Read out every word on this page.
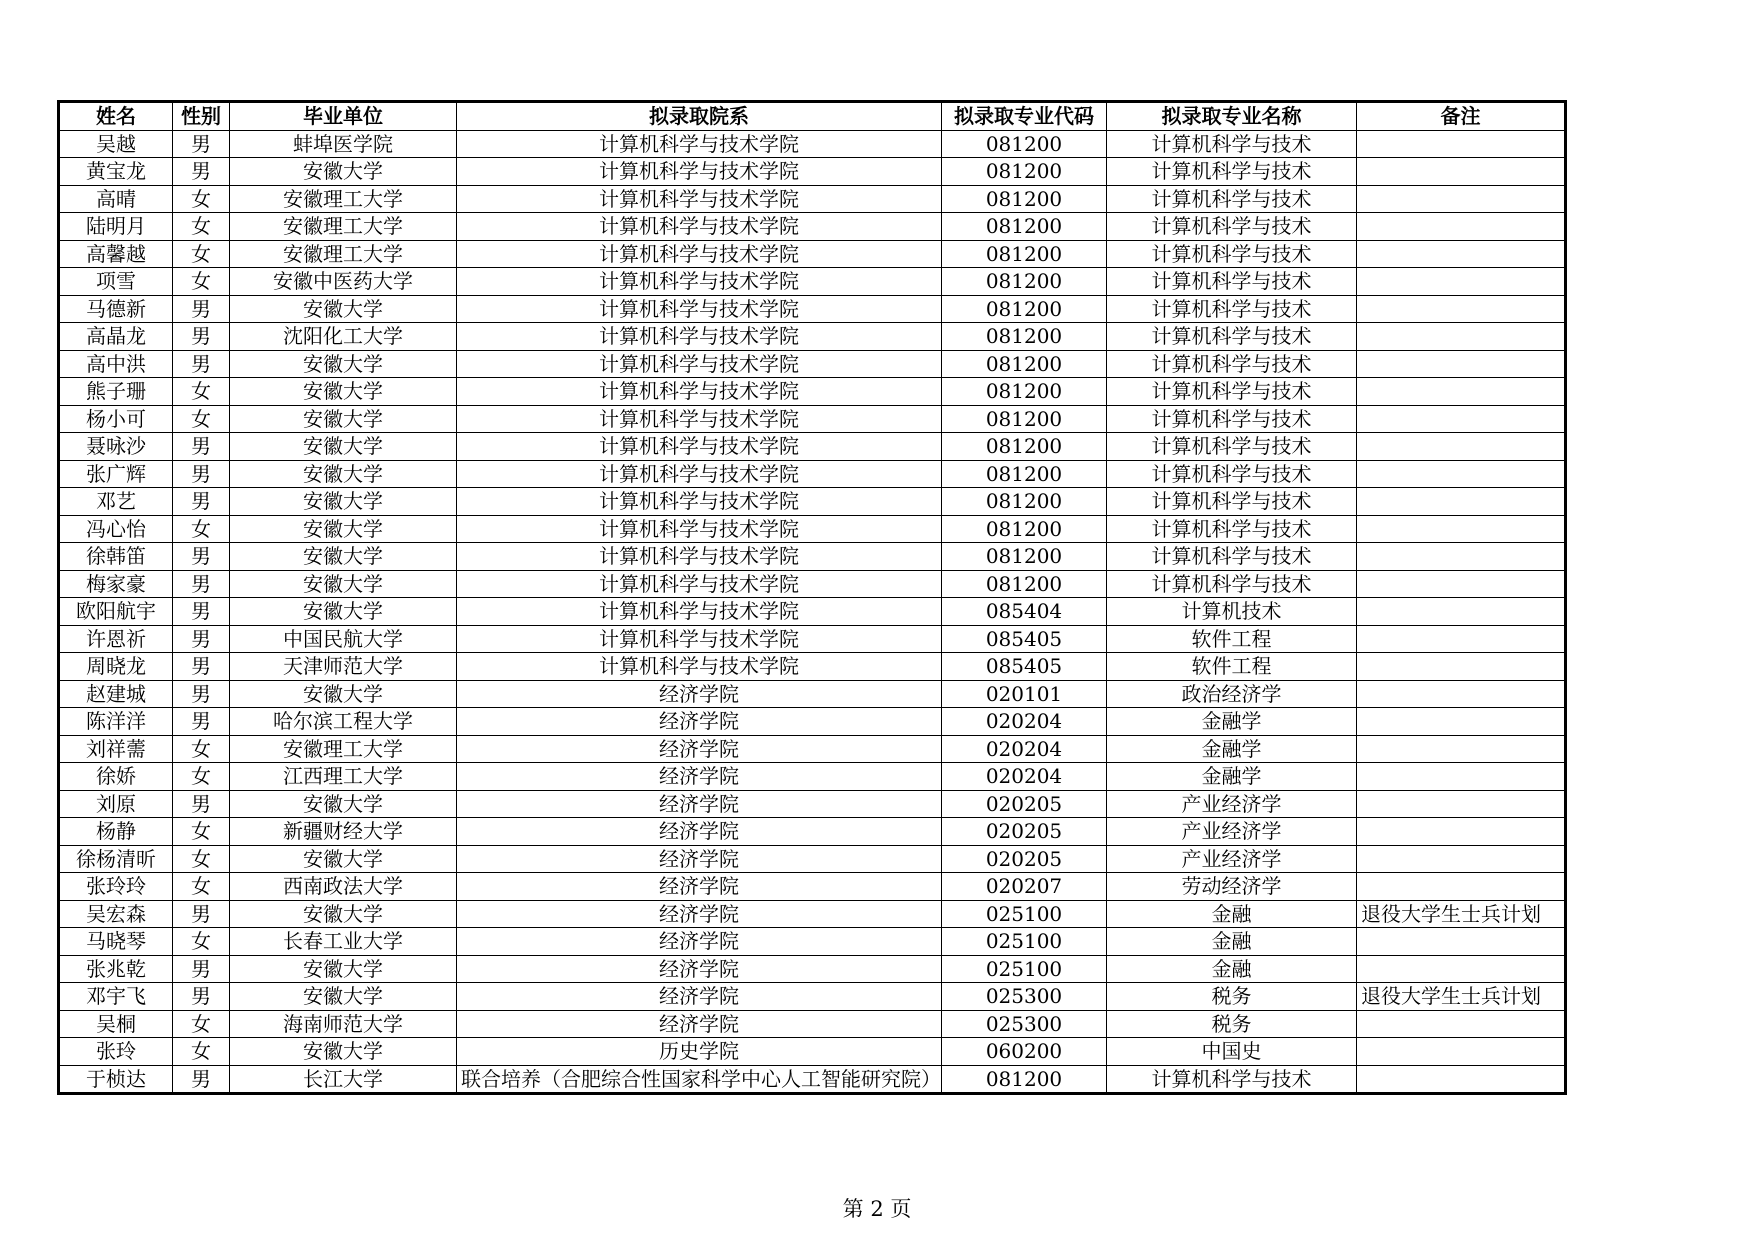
姓名	性别	毕业单位	拟录取院系	拟录取专业代码	拟录取专业名称	备注
吴越	男	蚌埠医学院	计算机科学与技术学院	081200	计算机科学与技术	
黄宝龙	男	安徽大学	计算机科学与技术学院	081200	计算机科学与技术	
高晴	女	安徽理工大学	计算机科学与技术学院	081200	计算机科学与技术	
陆明月	女	安徽理工大学	计算机科学与技术学院	081200	计算机科学与技术	
高馨越	女	安徽理工大学	计算机科学与技术学院	081200	计算机科学与技术	
项雪	女	安徽中医药大学	计算机科学与技术学院	081200	计算机科学与技术	
马德新	男	安徽大学	计算机科学与技术学院	081200	计算机科学与技术	
高晶龙	男	沈阳化工大学	计算机科学与技术学院	081200	计算机科学与技术	
高中洪	男	安徽大学	计算机科学与技术学院	081200	计算机科学与技术	
熊子珊	女	安徽大学	计算机科学与技术学院	081200	计算机科学与技术	
杨小可	女	安徽大学	计算机科学与技术学院	081200	计算机科学与技术	
聂咏沙	男	安徽大学	计算机科学与技术学院	081200	计算机科学与技术	
张广辉	男	安徽大学	计算机科学与技术学院	081200	计算机科学与技术	
邓艺	男	安徽大学	计算机科学与技术学院	081200	计算机科学与技术	
冯心怡	女	安徽大学	计算机科学与技术学院	081200	计算机科学与技术	
徐韩笛	男	安徽大学	计算机科学与技术学院	081200	计算机科学与技术	
梅家豪	男	安徽大学	计算机科学与技术学院	081200	计算机科学与技术	
欧阳航宇	男	安徽大学	计算机科学与技术学院	085404	计算机技术	
许恩祈	男	中国民航大学	计算机科学与技术学院	085405	软件工程	
周晓龙	男	天津师范大学	计算机科学与技术学院	085405	软件工程	
赵建城	男	安徽大学	经济学院	020101	政治经济学	
陈洋洋	男	哈尔滨工程大学	经济学院	020204	金融学	
刘祥薷	女	安徽理工大学	经济学院	020204	金融学	
徐娇	女	江西理工大学	经济学院	020204	金融学	
刘原	男	安徽大学	经济学院	020205	产业经济学	
杨静	女	新疆财经大学	经济学院	020205	产业经济学	
徐杨清昕	女	安徽大学	经济学院	020205	产业经济学	
张玲玲	女	西南政法大学	经济学院	020207	劳动经济学	
吴宏森	男	安徽大学	经济学院	025100	金融	退役大学生士兵计划
马晓琴	女	长春工业大学	经济学院	025100	金融	
张兆乾	男	安徽大学	经济学院	025100	金融	
邓宇飞	男	安徽大学	经济学院	025300	税务	退役大学生士兵计划
吴桐	女	海南师范大学	经济学院	025300	税务	
张玲	女	安徽大学	历史学院	060200	中国史	
于桢达	男	长江大学	联合培养（合肥综合性国家科学中心人工智能研究院）	081200	计算机科学与技术	
第 2 页
